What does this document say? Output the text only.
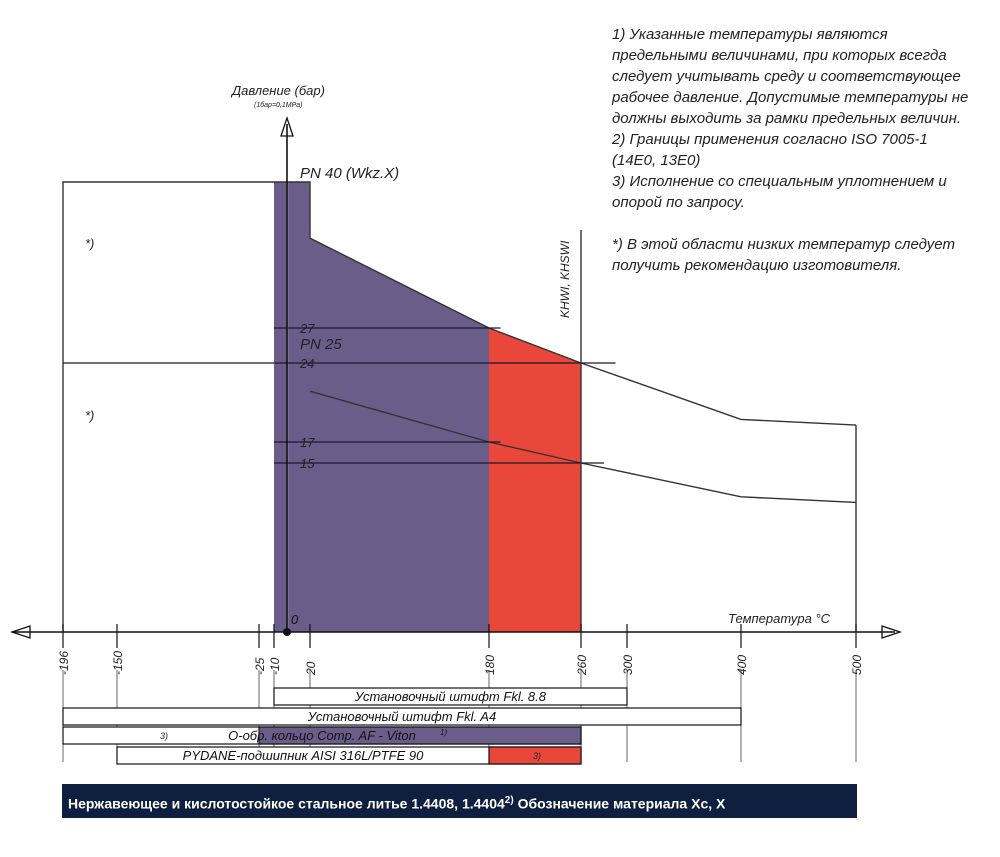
27
24
17
15
KHWI, KHSWI
PN 40 (Wkz.X)
PN 25
*)
*)
0
Давление (бар)
(1бар=0,1МPa)
Температура °C
-196	-150	-25 -10 20	180	260	300	400	500
Установочный штифт Fkl. 8.8
Установочный штифт Fkl. A4
3)	О-обр. кольцо Comp. AF - Viton	1)
3)
PYDANE-подшипник AISI 316L/PTFE 90
1) Указанные температуры являются предельными величинами, при которых всегда следует учитывать среду и соответствующее рабочее давление. Допустимые температуры не должны выходить за рамки предельных величин.
2) Границы применения согласно ISO 7005-1 (14E0, 13E0)
3) Исполнение со специальным уплотнением и опорой по запросу.
*) В этой области низких температур следует получить рекомендацию изготовителя.
Нержавеющее и кислотостойкое стальное литье 1.4408, 1.4404$^{2)}$ Обозначение материала Xc, X
